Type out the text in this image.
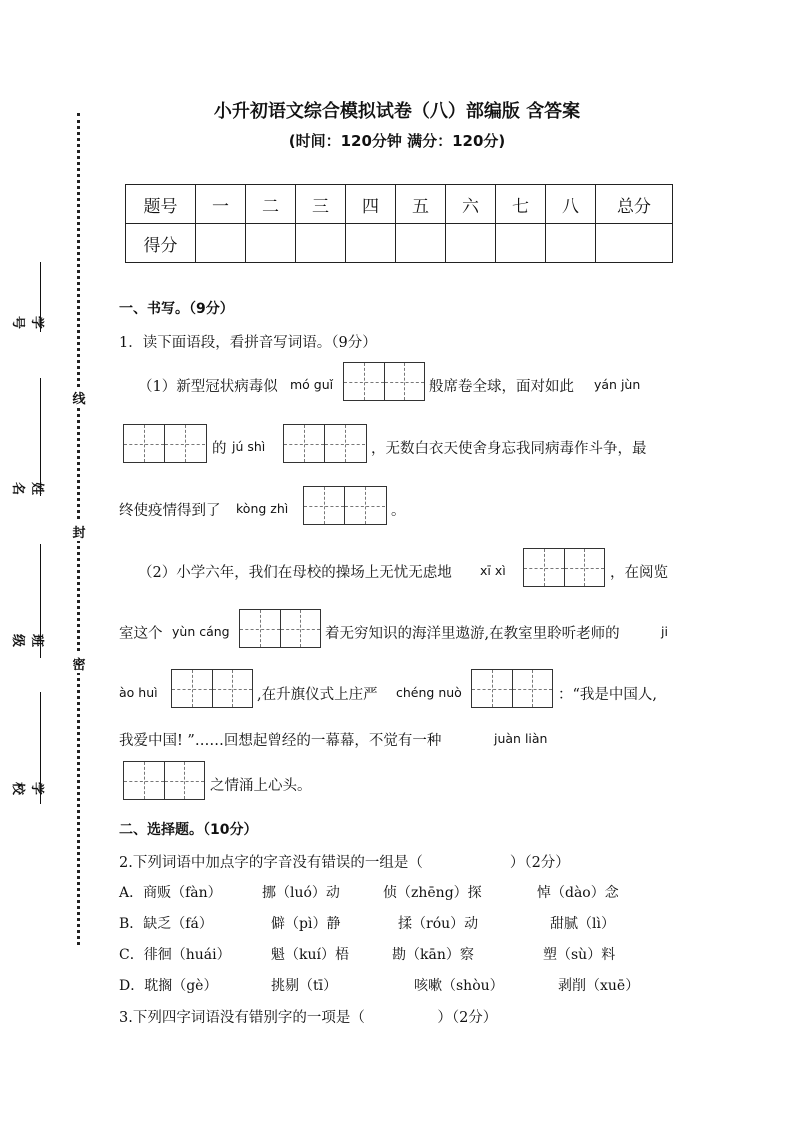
线
封
密
学号
姓名
班级
学校
小升初语文综合模拟试卷（八）部编版 含答案
(时间：120分钟 满分：120分)
题号	一	二	三	四	五	六	七	八	总分
得分									
一、书写。（9分）
1．读下面语段，看拼音写词语。（9分）
（1）新型冠状病毒似 mó guǐ	般席卷全球，面对如此 yán jùn
的 jú shì	，无数白衣天使舍身忘我同病毒作斗争，最
终使疫情得到了 kòng zhì	。
（2）小学六年，我们在母校的操场上无忧无虑地 xī xì	，在阅览
室这个 yùn cáng	着无穷知识的海洋里遨游,在教室里聆听老师的	ji
ào huì	,在升旗仪式上庄严 chéng nuò	：“我是中国人,
我爱中国! ”……回想起曾经的一幕幕，不觉有一种	juàn liàn
之情涌上心头。
二、选择题。（10分）
2.下列词语中加点字的字音没有错误的一组是（　　　　　　）（2分）
A．商贩（fàn）	挪（luó）动	侦（zhēng）探	悼（dào）念
B．缺乏（fá）	僻（pì）静	揉（róu）动	甜腻（lì）
C．徘徊（huái）	魁（kuí）梧	勘（kān）察	塑（sù）料
D．耽搁（gè）	挑剔（tī）	咳嗽（shòu）	剥削（xuē）
3.下列四字词语没有错别字的一项是（　　　　　）（2分）
